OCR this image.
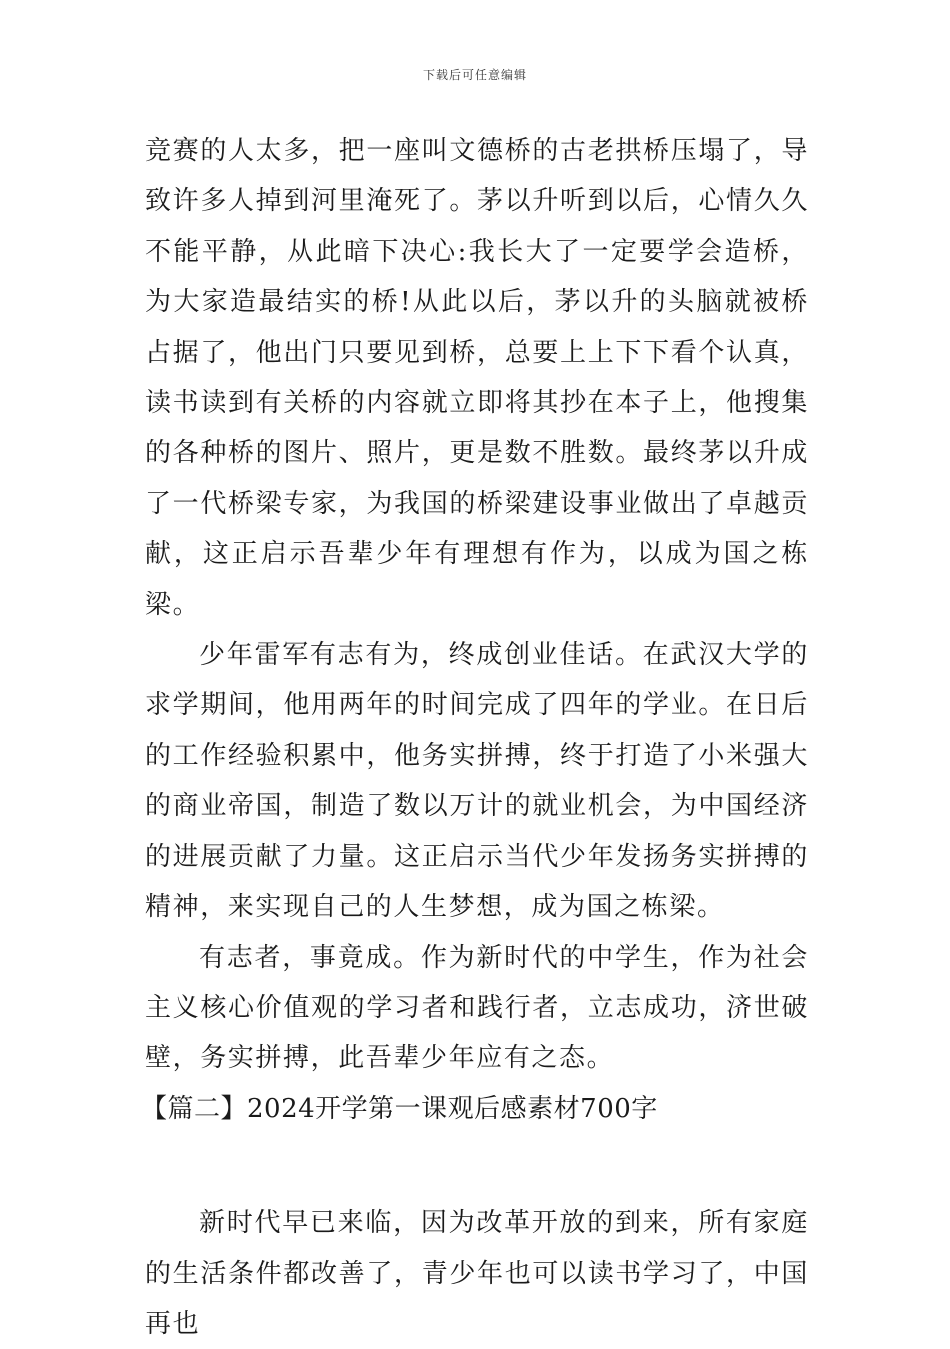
下载后可任意编辑

竞赛的人太多，把一座叫文德桥的古老拱桥压塌了，导致许多人掉到河里淹死了。茅以升听到以后，心情久久不能平静，从此暗下决心:我长大了一定要学会造桥，为大家造最结实的桥!从此以后，茅以升的头脑就被桥占据了，他出门只要见到桥，总要上上下下看个认真，读书读到有关桥的内容就立即将其抄在本子上，他搜集的各种桥的图片、照片，更是数不胜数。最终茅以升成了一代桥梁专家，为我国的桥梁建设事业做出了卓越贡献，这正启示吾辈少年有理想有作为，以成为国之栋梁。

少年雷军有志有为，终成创业佳话。在武汉大学的求学期间，他用两年的时间完成了四年的学业。在日后的工作经验积累中，他务实拼搏，终于打造了小米强大的商业帝国，制造了数以万计的就业机会，为中国经济的进展贡献了力量。这正启示当代少年发扬务实拼搏的精神，来实现自己的人生梦想，成为国之栋梁。

有志者，事竟成。作为新时代的中学生，作为社会主义核心价值观的学习者和践行者，立志成功，济世破壁，务实拼搏，此吾辈少年应有之态。

【篇二】2024开学第一课观后感素材700字

新时代早已来临，因为改革开放的到来，所有家庭的生活条件都改善了，青少年也可以读书学习了，中国再也
